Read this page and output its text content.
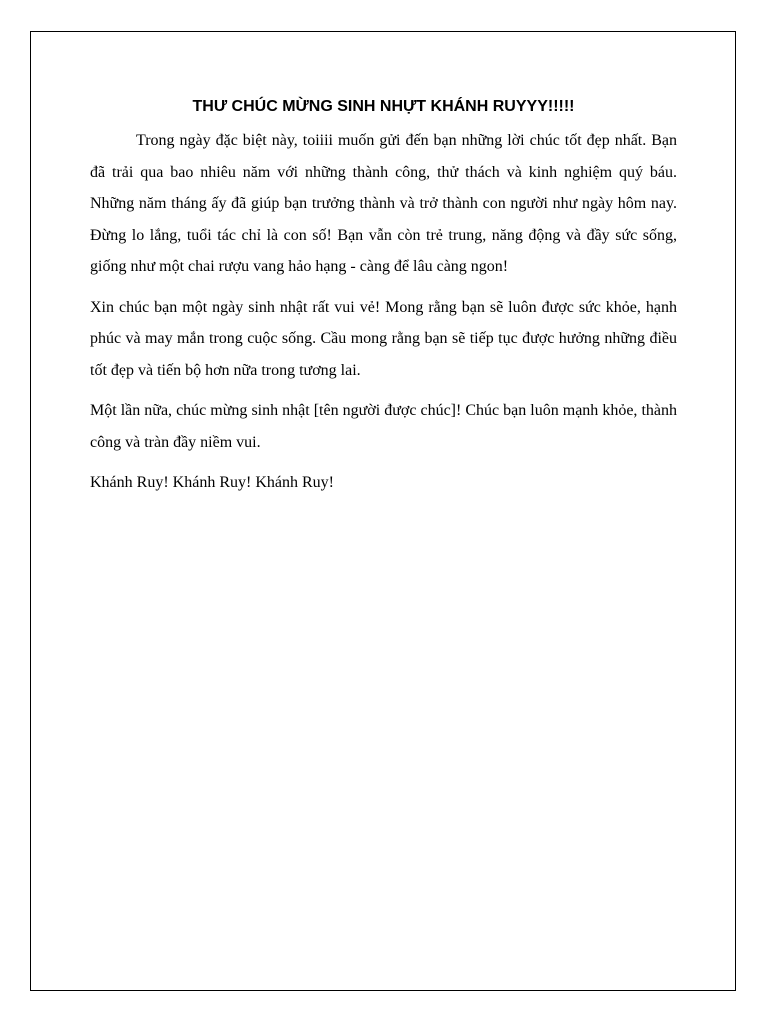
THƯ CHÚC MỪNG SINH NHỰT KHÁNH RUYYY!!!!!

Trong ngày đặc biệt này, toiiii muốn gửi đến bạn những lời chúc tốt đẹp nhất. Bạn đã trải qua bao nhiêu năm với những thành công, thử thách và kinh nghiệm quý báu. Những năm tháng ấy đã giúp bạn trưởng thành và trở thành con người như ngày hôm nay. Đừng lo lắng, tuổi tác chỉ là con số! Bạn vẫn còn trẻ trung, năng động và đầy sức sống, giống như một chai rượu vang hảo hạng - càng để lâu càng ngon!

Xin chúc bạn một ngày sinh nhật rất vui vẻ! Mong rằng bạn sẽ luôn được sức khỏe, hạnh phúc và may mắn trong cuộc sống. Cầu mong rằng bạn sẽ tiếp tục được hưởng những điều tốt đẹp và tiến bộ hơn nữa trong tương lai.

Một lần nữa, chúc mừng sinh nhật [tên người được chúc]! Chúc bạn luôn mạnh khỏe, thành công và tràn đầy niềm vui.

Khánh Ruy! Khánh Ruy! Khánh Ruy!
